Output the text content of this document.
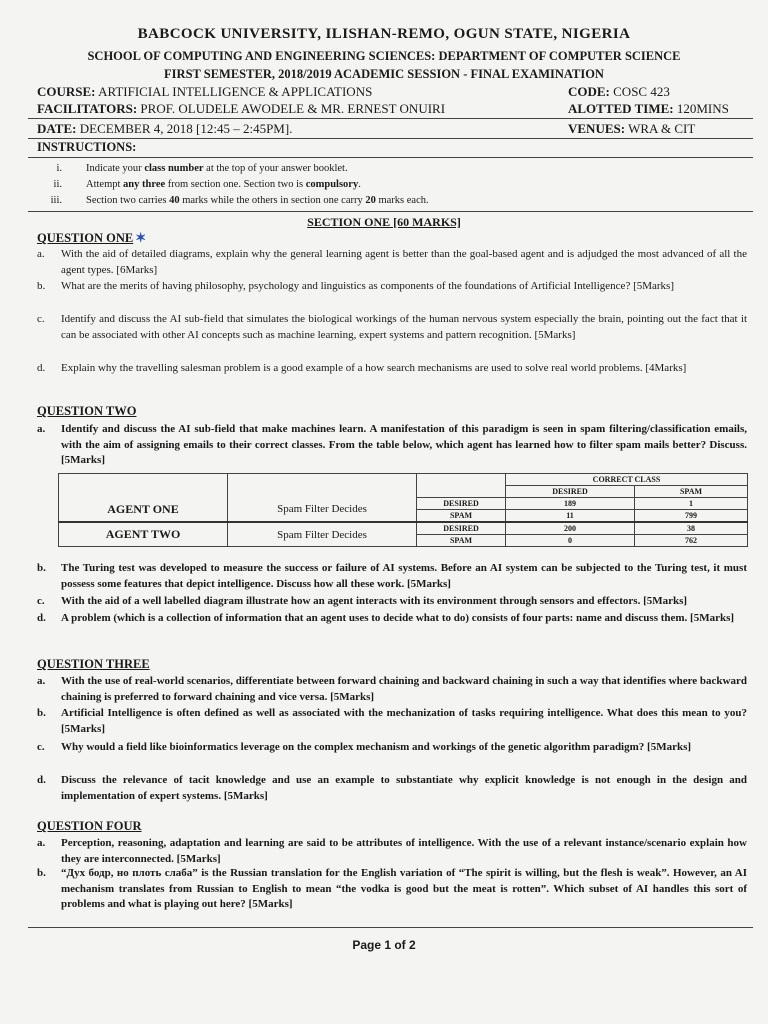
BABCOCK UNIVERSITY, ILISHAN-REMO, OGUN STATE, NIGERIA
SCHOOL OF COMPUTING AND ENGINEERING SCIENCES: DEPARTMENT OF COMPUTER SCIENCE
FIRST SEMESTER, 2018/2019 ACADEMIC SESSION - FINAL EXAMINATION
COURSE: ARTIFICIAL INTELLIGENCE & APPLICATIONS	CODE: COSC 423
FACILITATORS: PROF. OLUDELE AWODELE & MR. ERNEST ONUIRI	ALOTTED TIME: 120MINS
DATE: DECEMBER 4, 2018 [12:45 – 2:45PM].	VENUES: WRA & CIT
INSTRUCTIONS:
i. Indicate your class number at the top of your answer booklet.
ii. Attempt any three from section one. Section two is compulsory.
iii. Section two carries 40 marks while the others in section one carry 20 marks each.
SECTION ONE [60 MARKS]
QUESTION ONE ✶
a.	With the aid of detailed diagrams, explain why the general learning agent is better than the goal-based agent and is adjudged the most advanced of all the agent types. [6Marks]
b.	What are the merits of having philosophy, psychology and linguistics as components of the foundations of Artificial Intelligence? [5Marks]
c.	Identify and discuss the AI sub-field that simulates the biological workings of the human nervous system especially the brain, pointing out the fact that it can be associated with other AI concepts such as machine learning, expert systems and pattern recognition. [5Marks]
d.	Explain why the travelling salesman problem is a good example of a how search mechanisms are used to solve real world problems. [4Marks]
QUESTION TWO
a.	Identify and discuss the AI sub-field that make machines learn. A manifestation of this paradigm is seen in spam filtering/classification emails, with the aim of assigning emails to their correct classes. From the table below, which agent has learned how to filter spam mails better? Discuss. [5Marks]
			CORRECT CLASS	
			DESIRED	SPAM
AGENT ONE	Spam Filter Decides	DESIRED	189	1
		SPAM	11	799
AGENT TWO	Spam Filter Decides	DESIRED	200	38
		SPAM	0	762
b.	The Turing test was developed to measure the success or failure of AI systems. Before an AI system can be subjected to the Turing test, it must possess some features that depict intelligence. Discuss how all these work. [5Marks]
c.	With the aid of a well labelled diagram illustrate how an agent interacts with its environment through sensors and effectors. [5Marks]
d.	A problem (which is a collection of information that an agent uses to decide what to do) consists of four parts: name and discuss them. [5Marks]
QUESTION THREE
a.	With the use of real-world scenarios, differentiate between forward chaining and backward chaining in such a way that identifies where backward chaining is preferred to forward chaining and vice versa. [5Marks]
b.	Artificial Intelligence is often defined as well as associated with the mechanization of tasks requiring intelligence. What does this mean to you? [5Marks]
c.	Why would a field like bioinformatics leverage on the complex mechanism and workings of the genetic algorithm paradigm? [5Marks]
d.	Discuss the relevance of tacit knowledge and use an example to substantiate why explicit knowledge is not enough in the design and implementation of expert systems. [5Marks]
QUESTION FOUR
a.	Perception, reasoning, adaptation and learning are said to be attributes of intelligence. With the use of a relevant instance/scenario explain how they are interconnected. [5Marks]
b.	“Дух бодр, но плоть слаба” is the Russian translation for the English variation of “The spirit is willing, but the flesh is weak”. However, an AI mechanism translates from Russian to English to mean “the vodka is good but the meat is rotten”. Which subset of AI handles this sort of problems and what is playing out here? [5Marks]
Page 1 of 2
